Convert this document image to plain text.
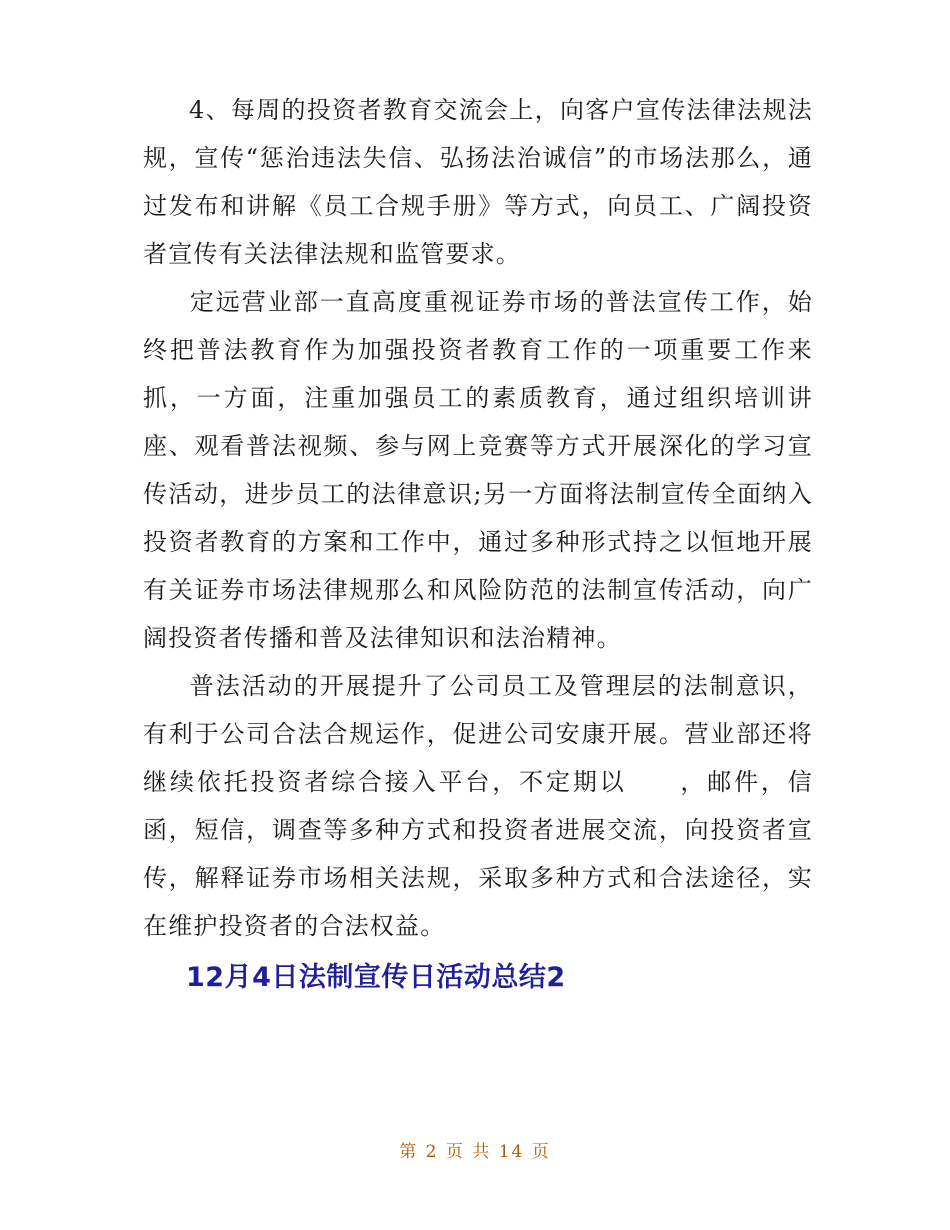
4、每周的投资者教育交流会上，向客户宣传法律法规法规，宣传“惩治违法失信、弘扬法治诚信”的市场法那么，通过发布和讲解《员工合规手册》等方式，向员工、广阔投资者宣传有关法律法规和监管要求。

定远营业部一直高度重视证券市场的普法宣传工作，始终把普法教育作为加强投资者教育工作的一项重要工作来抓，一方面，注重加强员工的素质教育，通过组织培训讲座、观看普法视频、参与网上竞赛等方式开展深化的学习宣传活动，进步员工的法律意识;另一方面将法制宣传全面纳入投资者教育的方案和工作中，通过多种形式持之以恒地开展有关证券市场法律规那么和风险防范的法制宣传活动，向广阔投资者传播和普及法律知识和法治精神。

普法活动的开展提升了公司员工及管理层的法制意识，有利于公司合法合规运作，促进公司安康开展。营业部还将继续依托投资者综合接入平台，不定期以　　，邮件，信函，短信，调查等多种方式和投资者进展交流，向投资者宣传，解释证券市场相关法规，采取多种方式和合法途径，实在维护投资者的合法权益。

12月4日法制宣传日活动总结2
第 2 页 共 14 页
